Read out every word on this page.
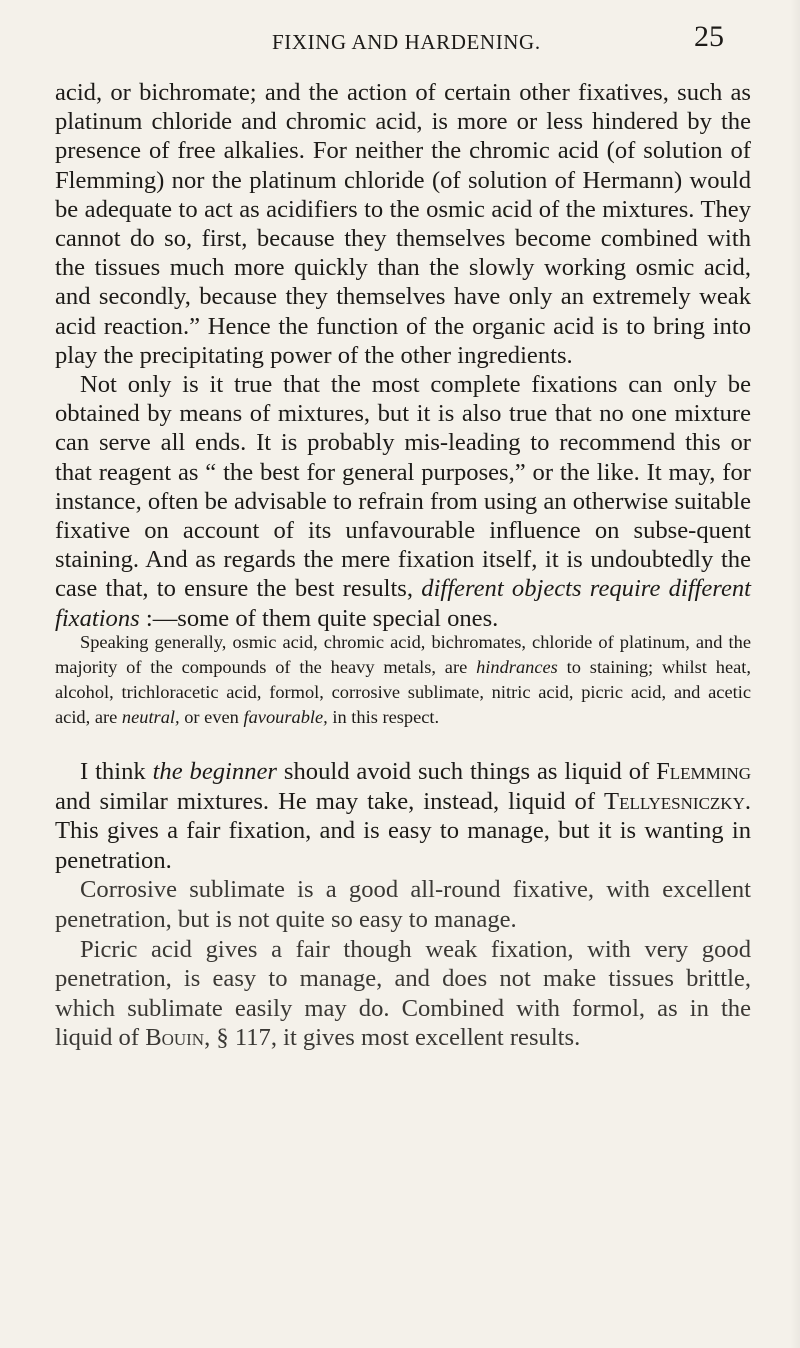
FIXING AND HARDENING.	25

acid, or bichromate; and the action of certain other fixatives, such as platinum chloride and chromic acid, is more or less hindered by the presence of free alkalies. For neither the chromic acid (of solution of Flemming) nor the platinum chloride (of solution of Hermann) would be adequate to act as acidifiers to the osmic acid of the mixtures. They cannot do so, first, because they themselves become combined with the tissues much more quickly than the slowly working osmic acid, and secondly, because they themselves have only an extremely weak acid reaction.” Hence the function of the organic acid is to bring into play the precipitating power of the other ingredients.

Not only is it true that the most complete fixations can only be obtained by means of mixtures, but it is also true that no one mixture can serve all ends. It is probably mis-leading to recommend this or that reagent as “ the best for general purposes,” or the like. It may, for instance, often be advisable to refrain from using an otherwise suitable fixative on account of its unfavourable influence on subse-quent staining. And as regards the mere fixation itself, it is undoubtedly the case that, to ensure the best results, different objects require different fixations :—some of them quite special ones.

Speaking generally, osmic acid, chromic acid, bichromates, chloride of platinum, and the majority of the compounds of the heavy metals, are hindrances to staining; whilst heat, alcohol, trichloracetic acid, formol, corrosive sublimate, nitric acid, picric acid, and acetic acid, are neutral, or even favourable, in this respect.

I think the beginner should avoid such things as liquid of Flemming and similar mixtures. He may take, instead, liquid of Tellyesniczky. This gives a fair fixation, and is easy to manage, but it is wanting in penetration.

Corrosive sublimate is a good all-round fixative, with excellent penetration, but is not quite so easy to manage.

Picric acid gives a fair though weak fixation, with very good penetration, is easy to manage, and does not make tissues brittle, which sublimate easily may do. Combined with formol, as in the liquid of Bouin, § 117, it gives most excellent results.
